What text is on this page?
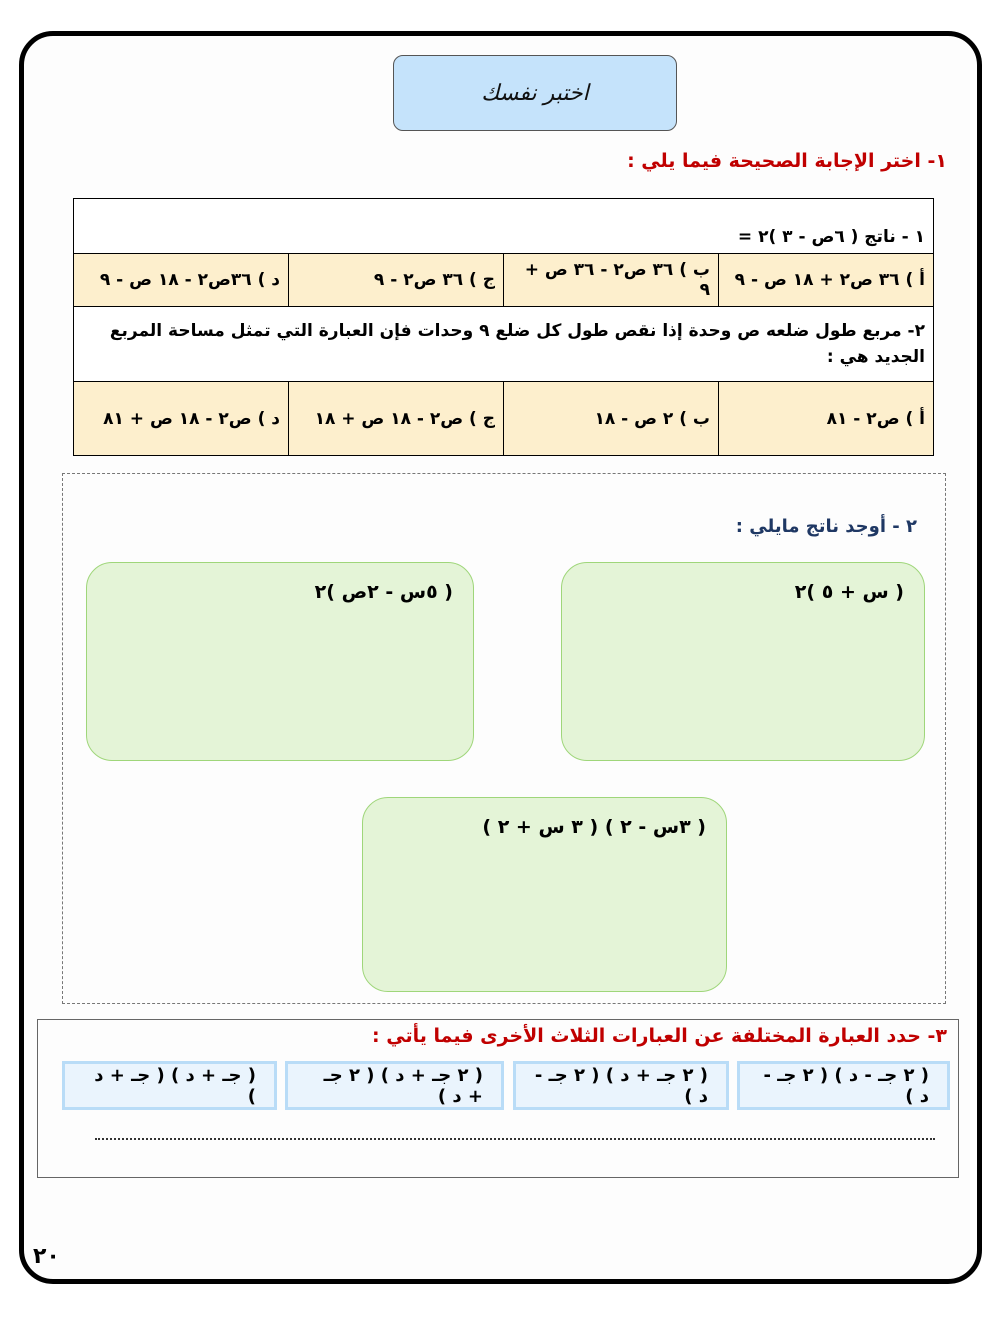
اختبر نفسك
١- اختر الإجابة الصحيحة فيما يلي :
١ - ناتج ( ٦ص - ٣ )٢ =			
أ ) ٣٦ ص٢ + ١٨ ص - ٩	ب ) ٣٦ ص٢ - ٣٦ ص + ٩	ج ) ٣٦ ص٢ - ٩	د ) ٣٦ص٢ - ١٨ ص - ٩
٢- مربع طول ضلعه ص وحدة إذا نقص طول كل ضلع ٩ وحدات فإن العبارة التي تمثل مساحة المربع الجديد هي :			
أ ) ص٢ - ٨١	ب ) ٢ ص - ١٨	ج ) ص٢ - ١٨ ص + ١٨	د ) ص٢ - ١٨ ص + ٨١
٢ - أوجد ناتج مايلي :
( س + ٥ )٢
( ٥س - ٢ص )٢
( ٣س - ٢ ) ( ٣ س + ٢ )
٣- حدد العبارة المختلفة عن العبارات الثلاث الأخرى فيما يأتي :
( ٢ جـ - د ) ( ٢ جـ - د )
( ٢ جـ + د ) ( ٢ جـ - د )
( ٢ جـ + د ) ( ٢ جـ + د )
( جـ + د ) ( جـ + د )
٢٠
